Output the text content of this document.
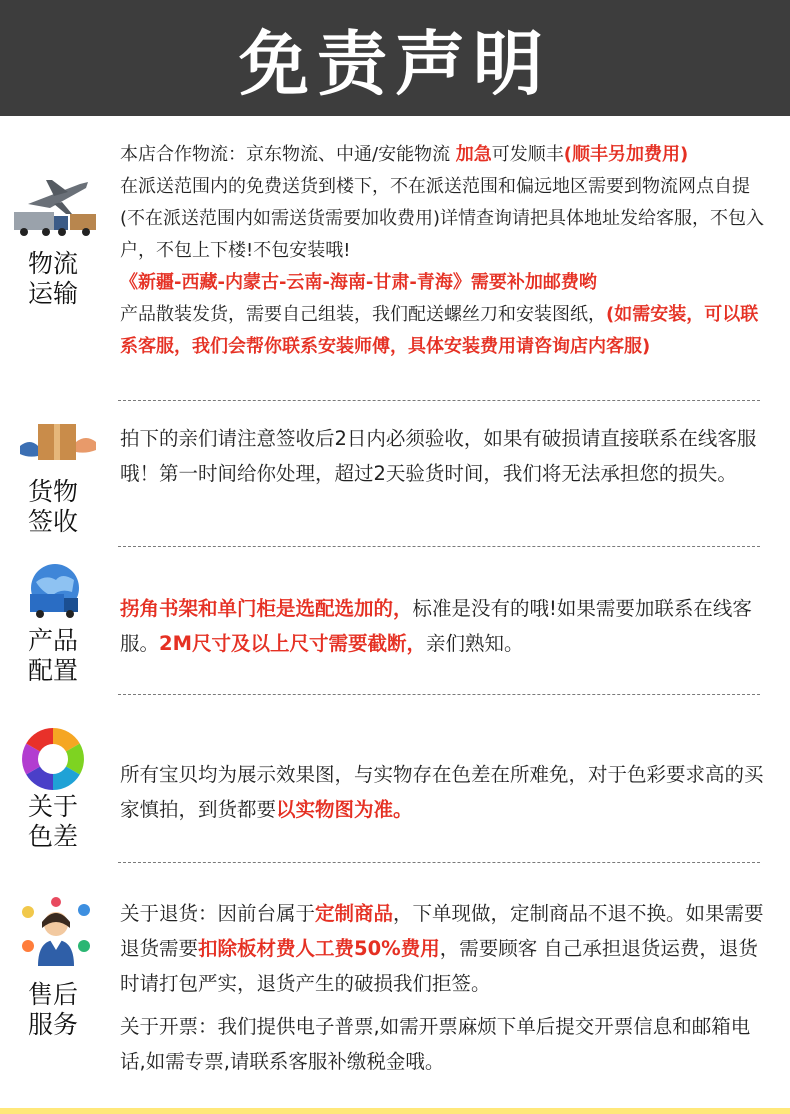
免责声明
物流
运输
本店合作物流：京东物流、中通/安能物流 加急可发顺丰(顺丰另加费用)
在派送范围内的免费送货到楼下，不在派送范围和偏远地区需要到物流网点自提(不在派送范围内如需送货需要加收费用)详情查询请把具体地址发给客服，不包入户，不包上下楼!不包安装哦!
《新疆-西藏-内蒙古-云南-海南-甘肃-青海》需要补加邮费哟
产品散装发货，需要自己组装，我们配送螺丝刀和安装图纸，(如需安装，可以联系客服，我们会帮你联系安装师傅，具体安装费用请咨询店内客服)
货物
签收
拍下的亲们请注意签收后2日内必须验收，如果有破损请直接联系在线客服哦！第一时间给你处理，超过2天验货时间，我们将无法承担您的损失。
产品
配置
拐角书架和单门柜是选配选加的，标准是没有的哦!如果需要加联系在线客服。2M尺寸及以上尺寸需要截断，亲们熟知。
关于
色差
所有宝贝均为展示效果图，与实物存在色差在所难免，对于色彩要求高的买家慎拍，到货都要以实物图为准。
售后
服务
关于退货：因前台属于定制商品，下单现做，定制商品不退不换。如果需要退货需要扣除板材费人工费50%费用，需要顾客 自己承担退货运费，退货时请打包严实，退货产生的破损我们拒签。
关于开票：我们提供电子普票,如需开票麻烦下单后提交开票信息和邮箱电话,如需专票,请联系客服补缴税金哦。
